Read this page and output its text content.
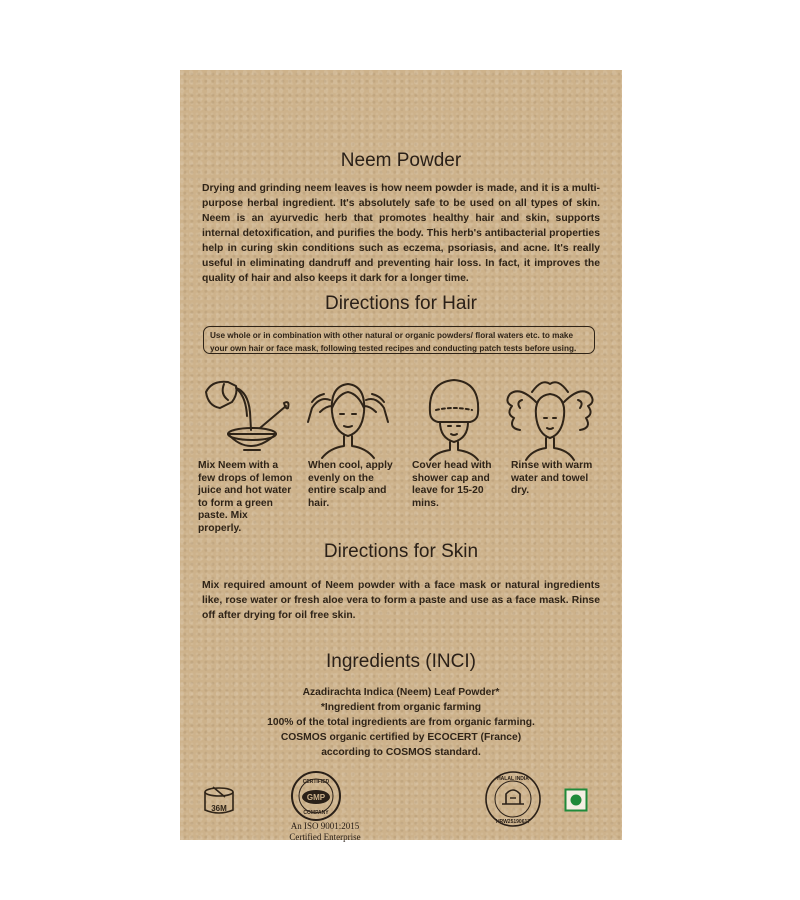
Neem Powder
Drying and grinding neem leaves is how neem powder is made, and it is a multi-purpose herbal ingredient. It's absolutely safe to be used on all types of skin. Neem is an ayurvedic herb that promotes healthy hair and skin, supports internal detoxification, and purifies the body. This herb's antibacterial properties help in curing skin conditions such as eczema, psoriasis, and acne. It's really useful in eliminating dandruff and preventing hair loss. In fact, it improves the quality of hair and also keeps it dark for a longer time.
Directions for Hair
Use whole or in combination with other natural or organic powders/ floral waters etc. to make your own hair or face mask, following tested recipes and conducting patch tests before using.
Mix Neem with a few drops of lemon juice and hot water to form a green paste. Mix properly.
When cool, apply evenly on the entire scalp and hair.
Cover head with shower cap and leave for 15-20 mins.
Rinse with warm water and towel dry.
Directions for Skin
Mix required amount of Neem powder with a face mask or natural ingredients like, rose water or fresh aloe vera to form a paste and use as a face mask. Rinse off after drying for oil free skin.
Ingredients (INCI)
Azadirachta Indica (Neem) Leaf Powder*
*Ingredient from organic farming
100% of the total ingredients are from organic farming.
COSMOS organic certified by ECOCERT (France)
according to COSMOS standard.
36M
GMP
CERTIFIED
COMPANY
An ISO 9001:2015
Certified Enterprise
HALAL INDIA
HRW25190617
